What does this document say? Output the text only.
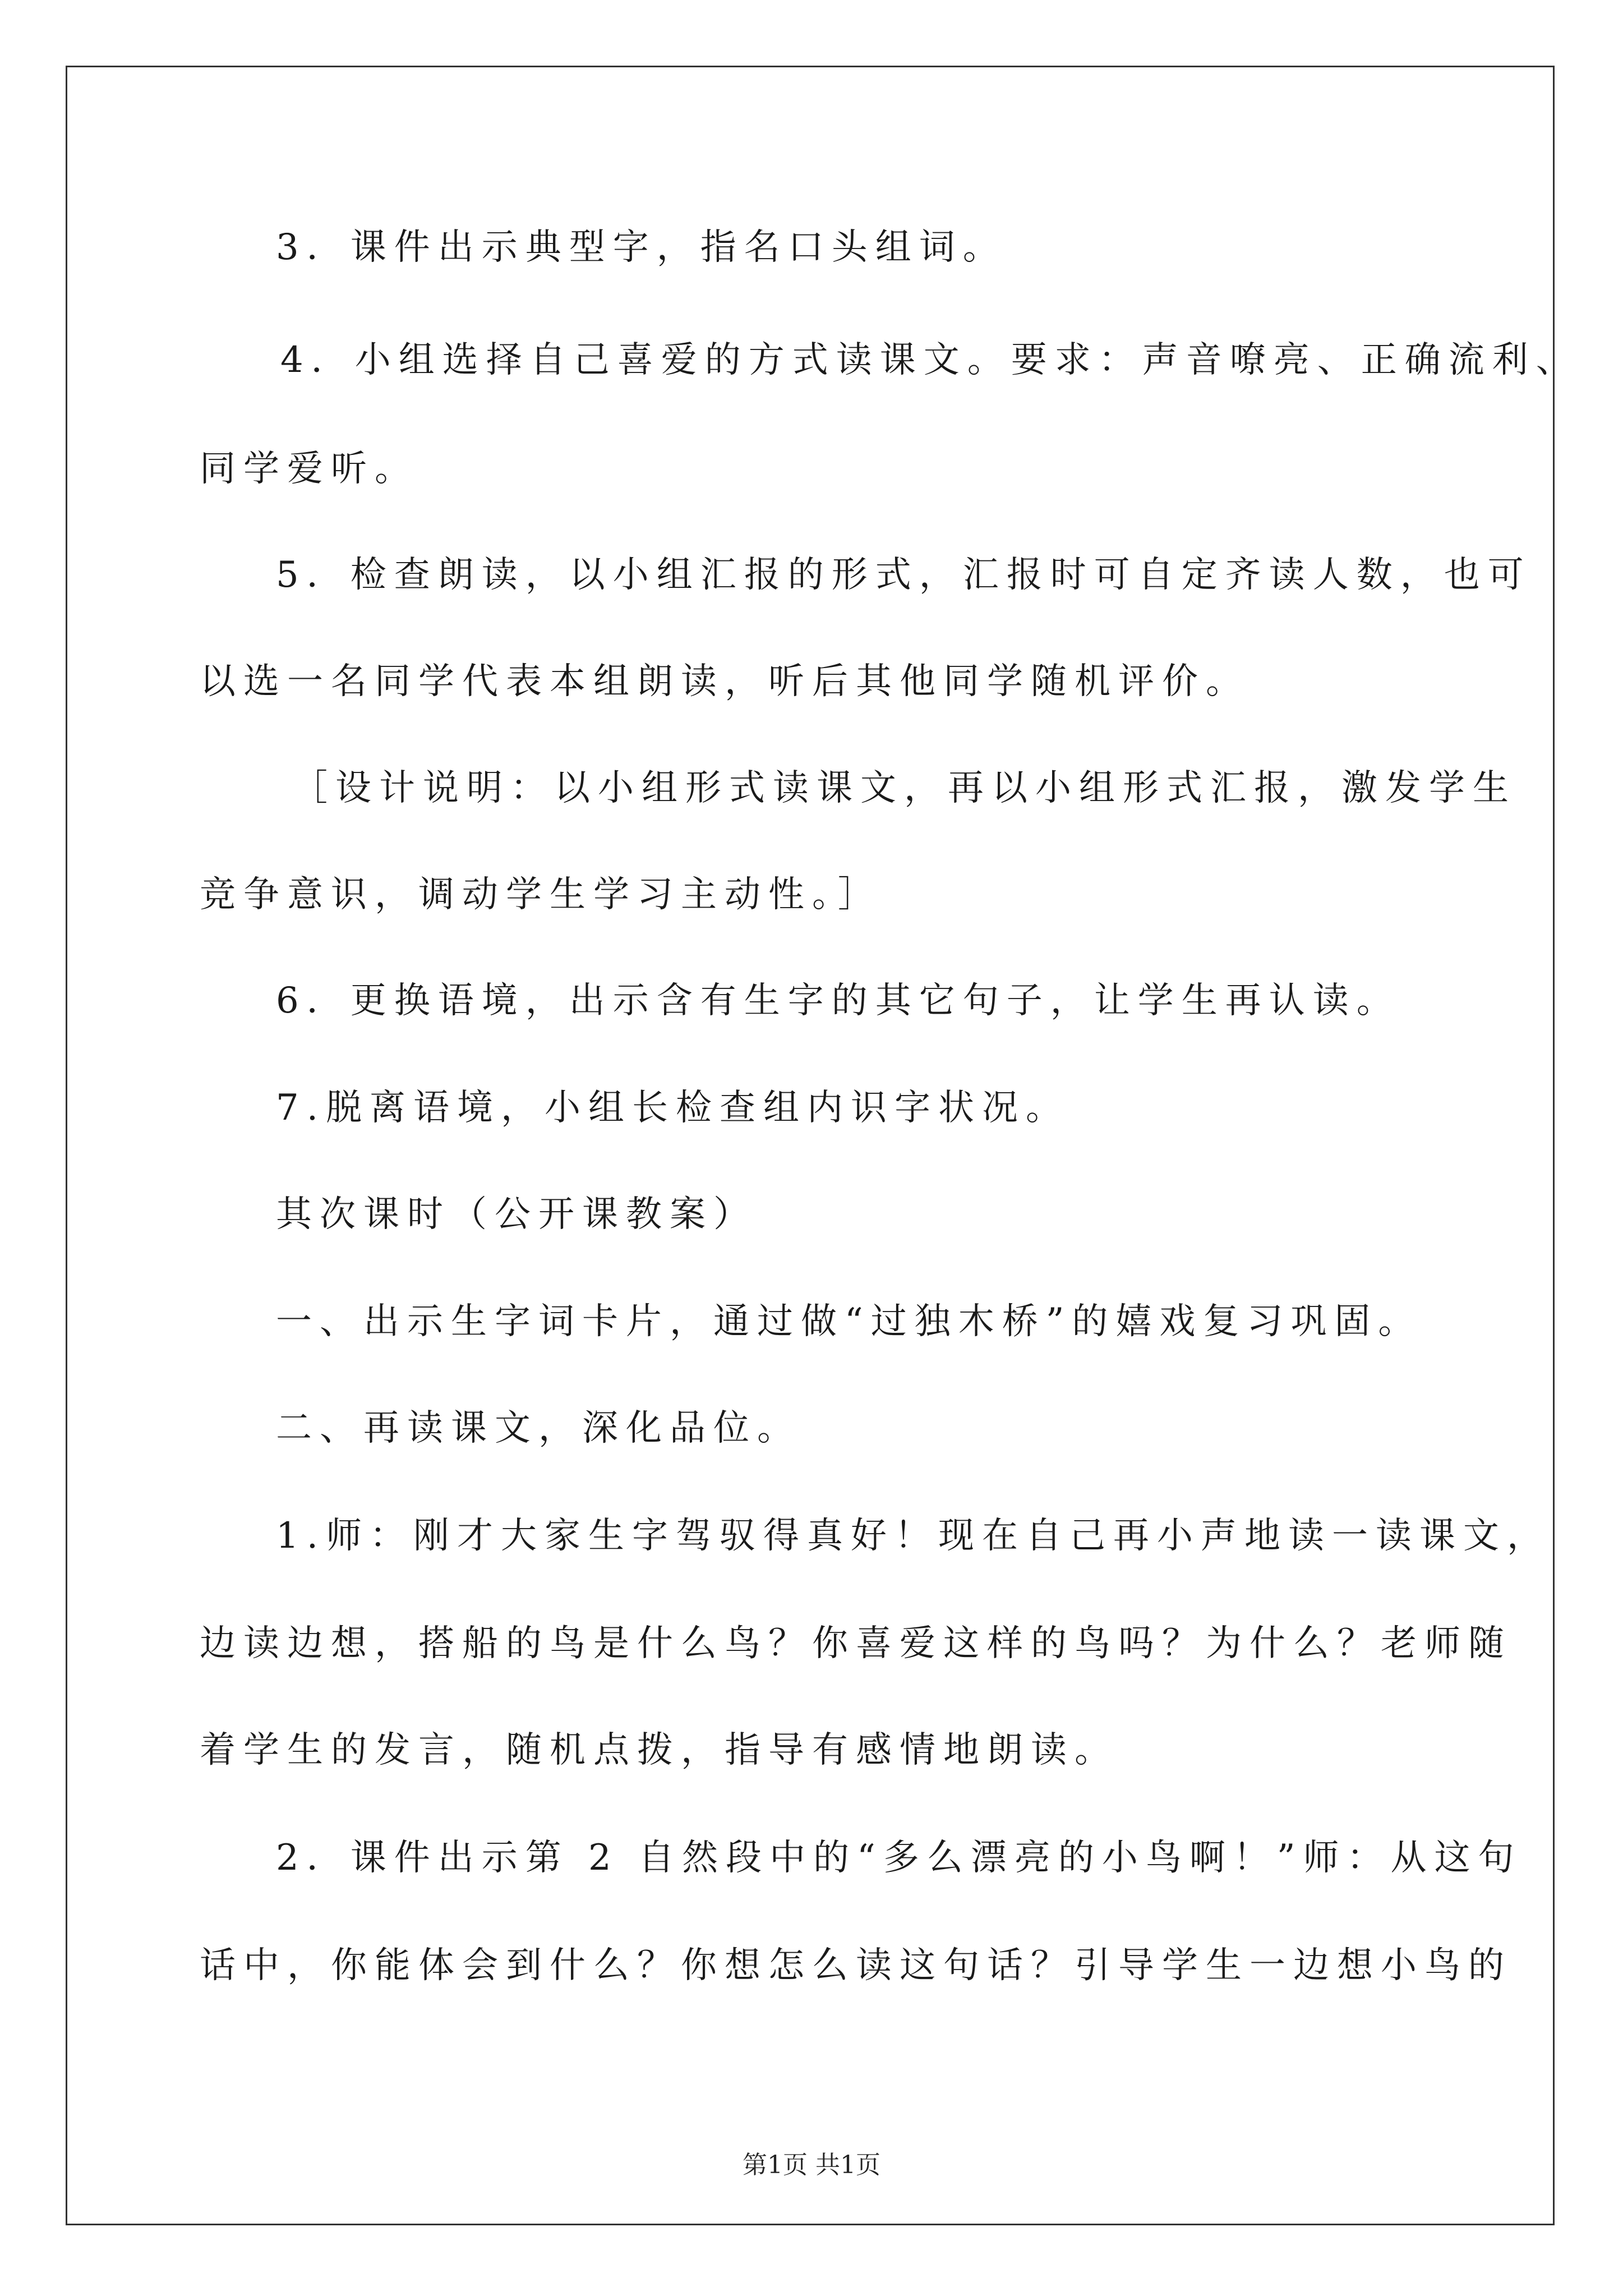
3．课件出示典型字，指名口头组词。
4．小组选择自己喜爱的方式读课文。要求：声音嘹亮、正确流利、
同学爱听。
5．检查朗读，以小组汇报的形式，汇报时可自定齐读人数，也可
以选一名同学代表本组朗读，听后其他同学随机评价。
［设计说明：以小组形式读课文，再以小组形式汇报，激发学生
竞争意识，调动学生学习主动性。］
6．更换语境，出示含有生字的其它句子，让学生再认读。
7.脱离语境，小组长检查组内识字状况。
其次课时（公开课教案）
一、出示生字词卡片，通过做“过独木桥”的嬉戏复习巩固。
二、再读课文，深化品位。
1.师：刚才大家生字驾驭得真好！现在自己再小声地读一读课文，
边读边想，搭船的鸟是什么鸟？你喜爱这样的鸟吗？为什么？老师随
着学生的发言，随机点拨，指导有感情地朗读。
2．课件出示第 2 自然段中的“多么漂亮的小鸟啊！”师：从这句
话中，你能体会到什么？你想怎么读这句话？引导学生一边想小鸟的
第1页 共1页
